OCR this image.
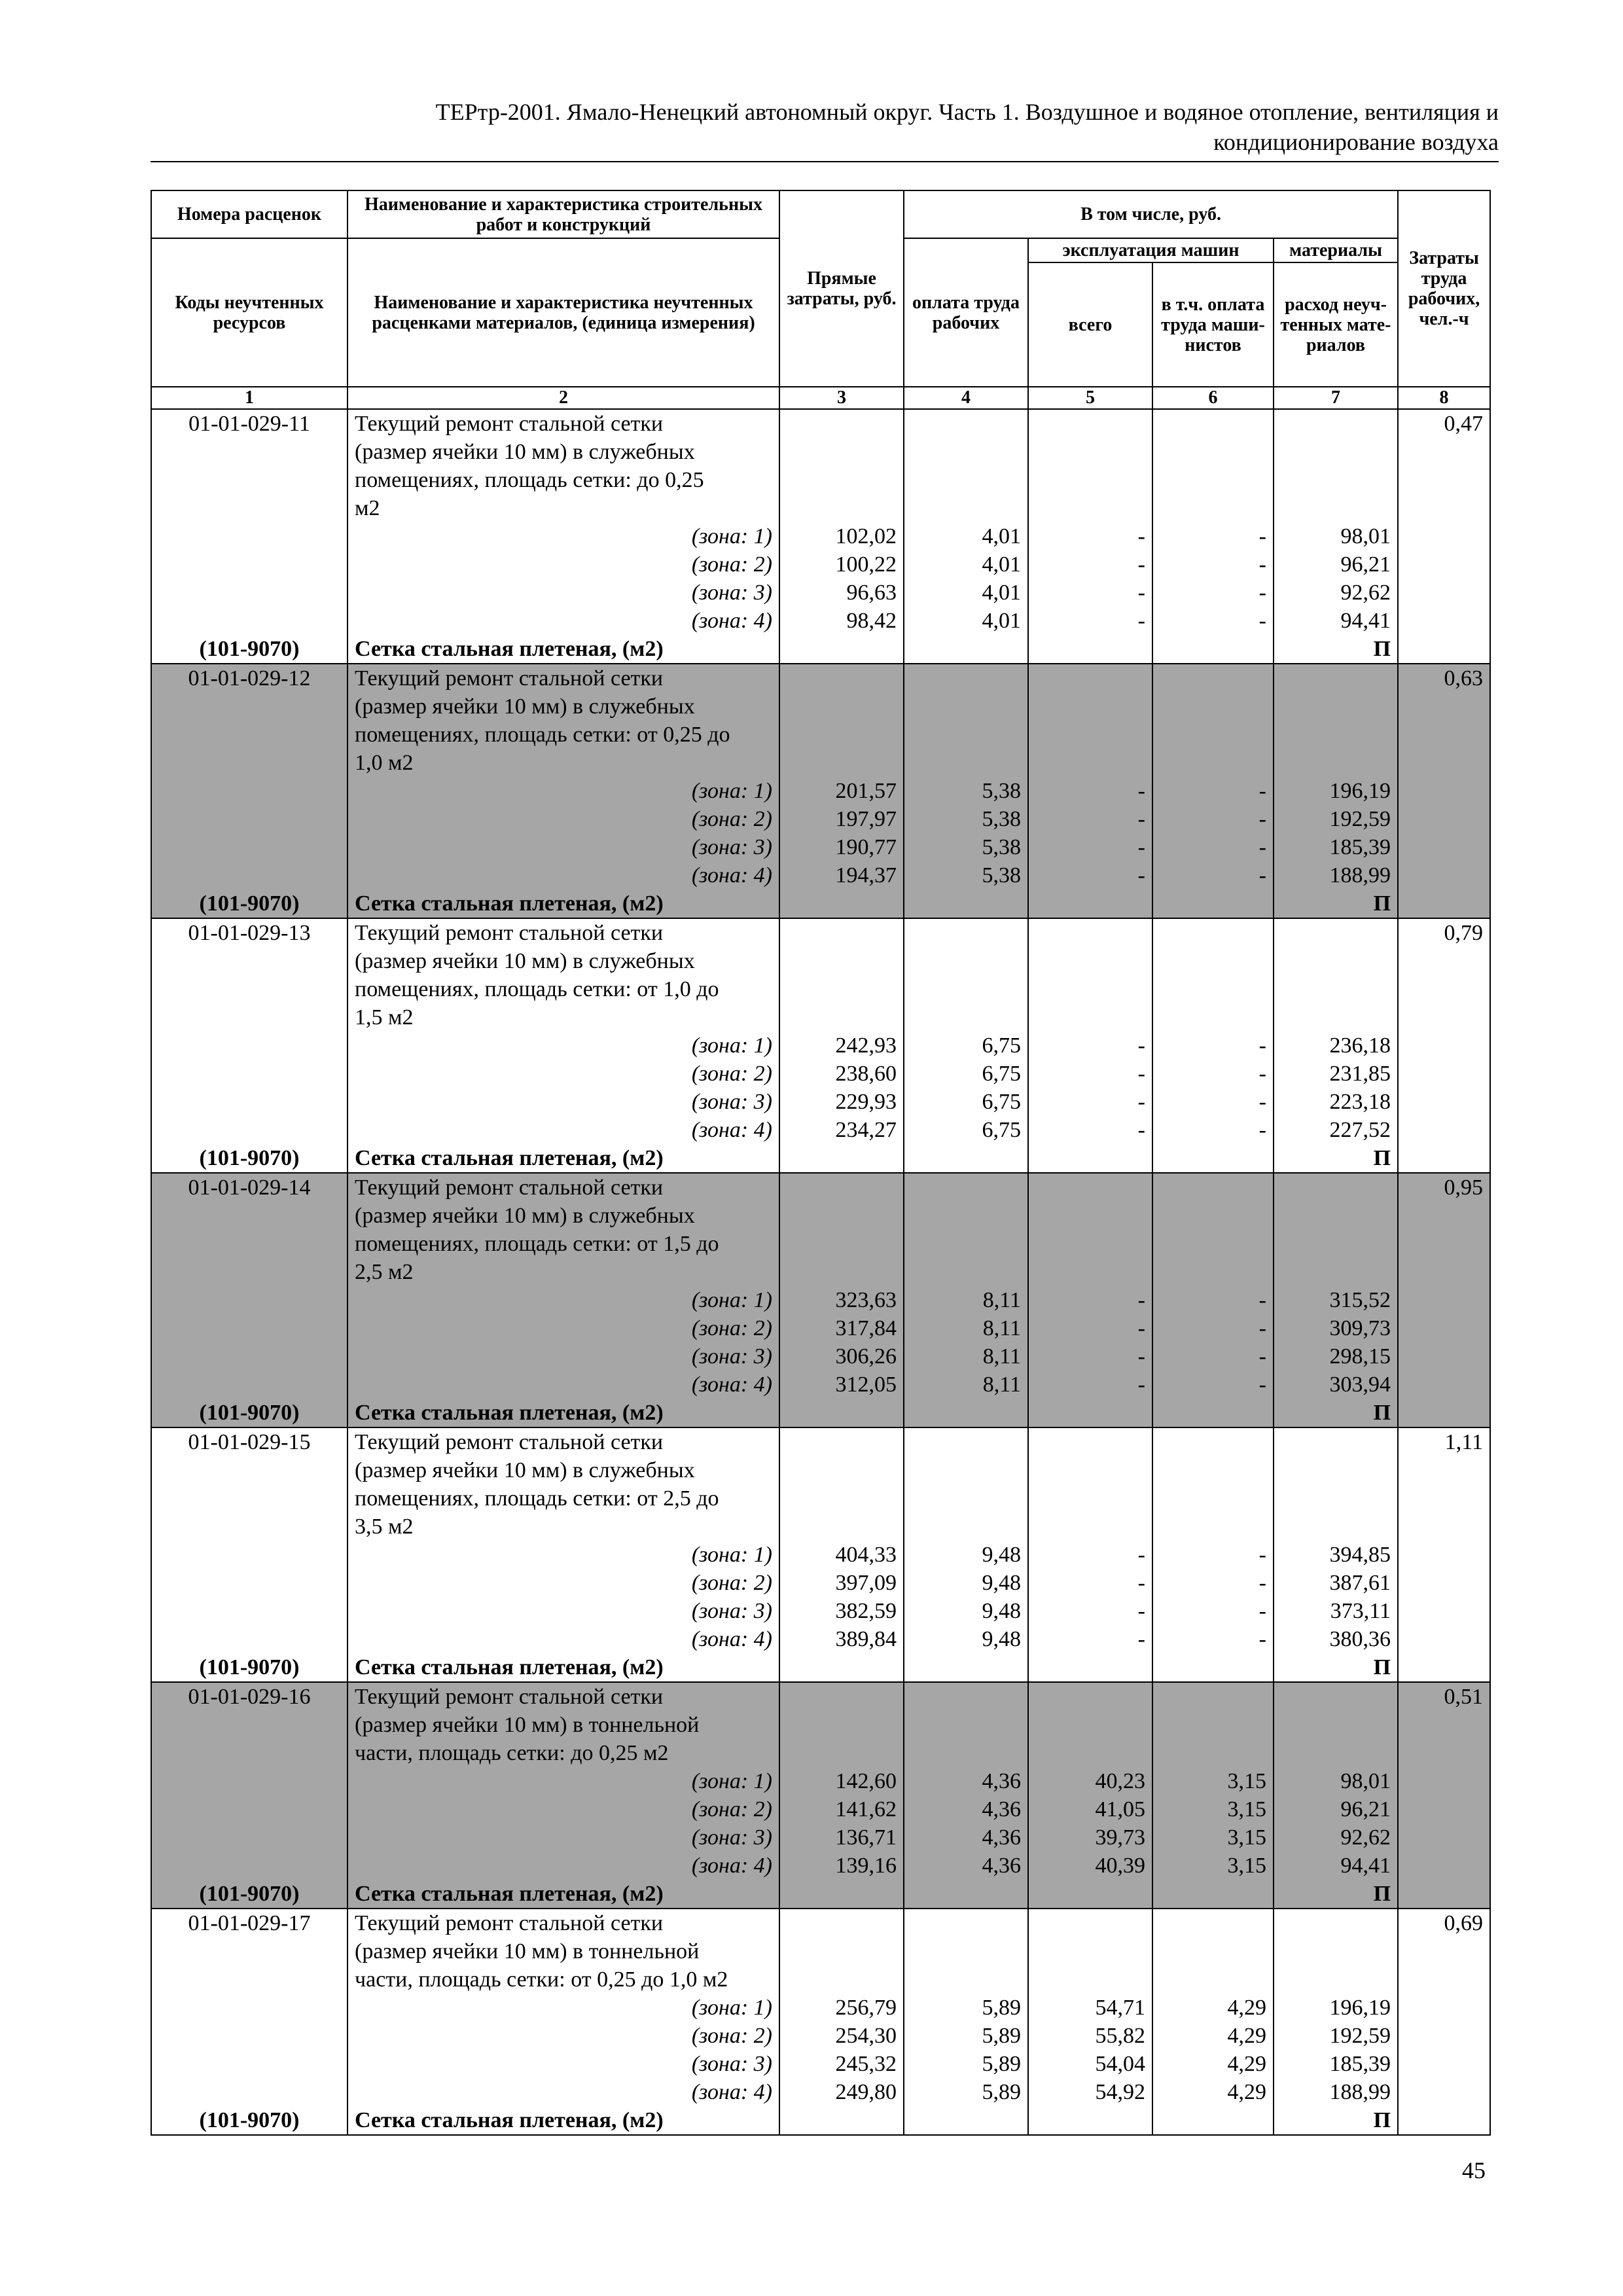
ТЕРтр-2001. Ямало-Ненецкий автономный округ. Часть 1. Воздушное и водяное отопление, вентиляция и
кондиционирование воздуха
Номера расценок	Наименование и характеристика строительных работ и конструкций	Прямые затраты, руб.	В том числе, руб.				Затраты труда рабочих, чел.-ч
Коды неучтенных ресурсов	Наименование и характеристика неучтенных расценками материалов, (единица измерения)		оплата труда рабочих	эксплуатация машин		материалы	
				всего	в т.ч. оплата труда маши-нистов	расход неуч-тенных мате-риалов	
1	2	3	4	5	6	7	8
01-01-029-11	Текущий ремонт стальной сетки						0,47
	(размер ячейки 10 мм) в служебных						
	помещениях, площадь сетки: до 0,25						
	м2						
	(зона: 1)	102,02	4,01	-	-	98,01	
	(зона: 2)	100,22	4,01	-	-	96,21	
	(зона: 3)	96,63	4,01	-	-	92,62	
	(зона: 4)	98,42	4,01	-	-	94,41	
(101-9070)	Сетка стальная плетеная, (м2)					П	
01-01-029-12	Текущий ремонт стальной сетки						0,63
	(размер ячейки 10 мм) в служебных						
	помещениях, площадь сетки: от 0,25 до						
	1,0 м2						
	(зона: 1)	201,57	5,38	-	-	196,19	
	(зона: 2)	197,97	5,38	-	-	192,59	
	(зона: 3)	190,77	5,38	-	-	185,39	
	(зона: 4)	194,37	5,38	-	-	188,99	
(101-9070)	Сетка стальная плетеная, (м2)					П	
01-01-029-13	Текущий ремонт стальной сетки						0,79
	(размер ячейки 10 мм) в служебных						
	помещениях, площадь сетки: от 1,0 до						
	1,5 м2						
	(зона: 1)	242,93	6,75	-	-	236,18	
	(зона: 2)	238,60	6,75	-	-	231,85	
	(зона: 3)	229,93	6,75	-	-	223,18	
	(зона: 4)	234,27	6,75	-	-	227,52	
(101-9070)	Сетка стальная плетеная, (м2)					П	
01-01-029-14	Текущий ремонт стальной сетки						0,95
	(размер ячейки 10 мм) в служебных						
	помещениях, площадь сетки: от 1,5 до						
	2,5 м2						
	(зона: 1)	323,63	8,11	-	-	315,52	
	(зона: 2)	317,84	8,11	-	-	309,73	
	(зона: 3)	306,26	8,11	-	-	298,15	
	(зона: 4)	312,05	8,11	-	-	303,94	
(101-9070)	Сетка стальная плетеная, (м2)					П	
01-01-029-15	Текущий ремонт стальной сетки						1,11
	(размер ячейки 10 мм) в служебных						
	помещениях, площадь сетки: от 2,5 до						
	3,5 м2						
	(зона: 1)	404,33	9,48	-	-	394,85	
	(зона: 2)	397,09	9,48	-	-	387,61	
	(зона: 3)	382,59	9,48	-	-	373,11	
	(зона: 4)	389,84	9,48	-	-	380,36	
(101-9070)	Сетка стальная плетеная, (м2)					П	
01-01-029-16	Текущий ремонт стальной сетки						0,51
	(размер ячейки 10 мм) в тоннельной						
	части, площадь сетки: до 0,25 м2						
	(зона: 1)	142,60	4,36	40,23	3,15	98,01	
	(зона: 2)	141,62	4,36	41,05	3,15	96,21	
	(зона: 3)	136,71	4,36	39,73	3,15	92,62	
	(зона: 4)	139,16	4,36	40,39	3,15	94,41	
(101-9070)	Сетка стальная плетеная, (м2)					П	
01-01-029-17	Текущий ремонт стальной сетки						0,69
	(размер ячейки 10 мм) в тоннельной						
	части, площадь сетки: от 0,25 до 1,0 м2						
	(зона: 1)	256,79	5,89	54,71	4,29	196,19	
	(зона: 2)	254,30	5,89	55,82	4,29	192,59	
	(зона: 3)	245,32	5,89	54,04	4,29	185,39	
	(зона: 4)	249,80	5,89	54,92	4,29	188,99	
(101-9070)	Сетка стальная плетеная, (м2)					П	
45
